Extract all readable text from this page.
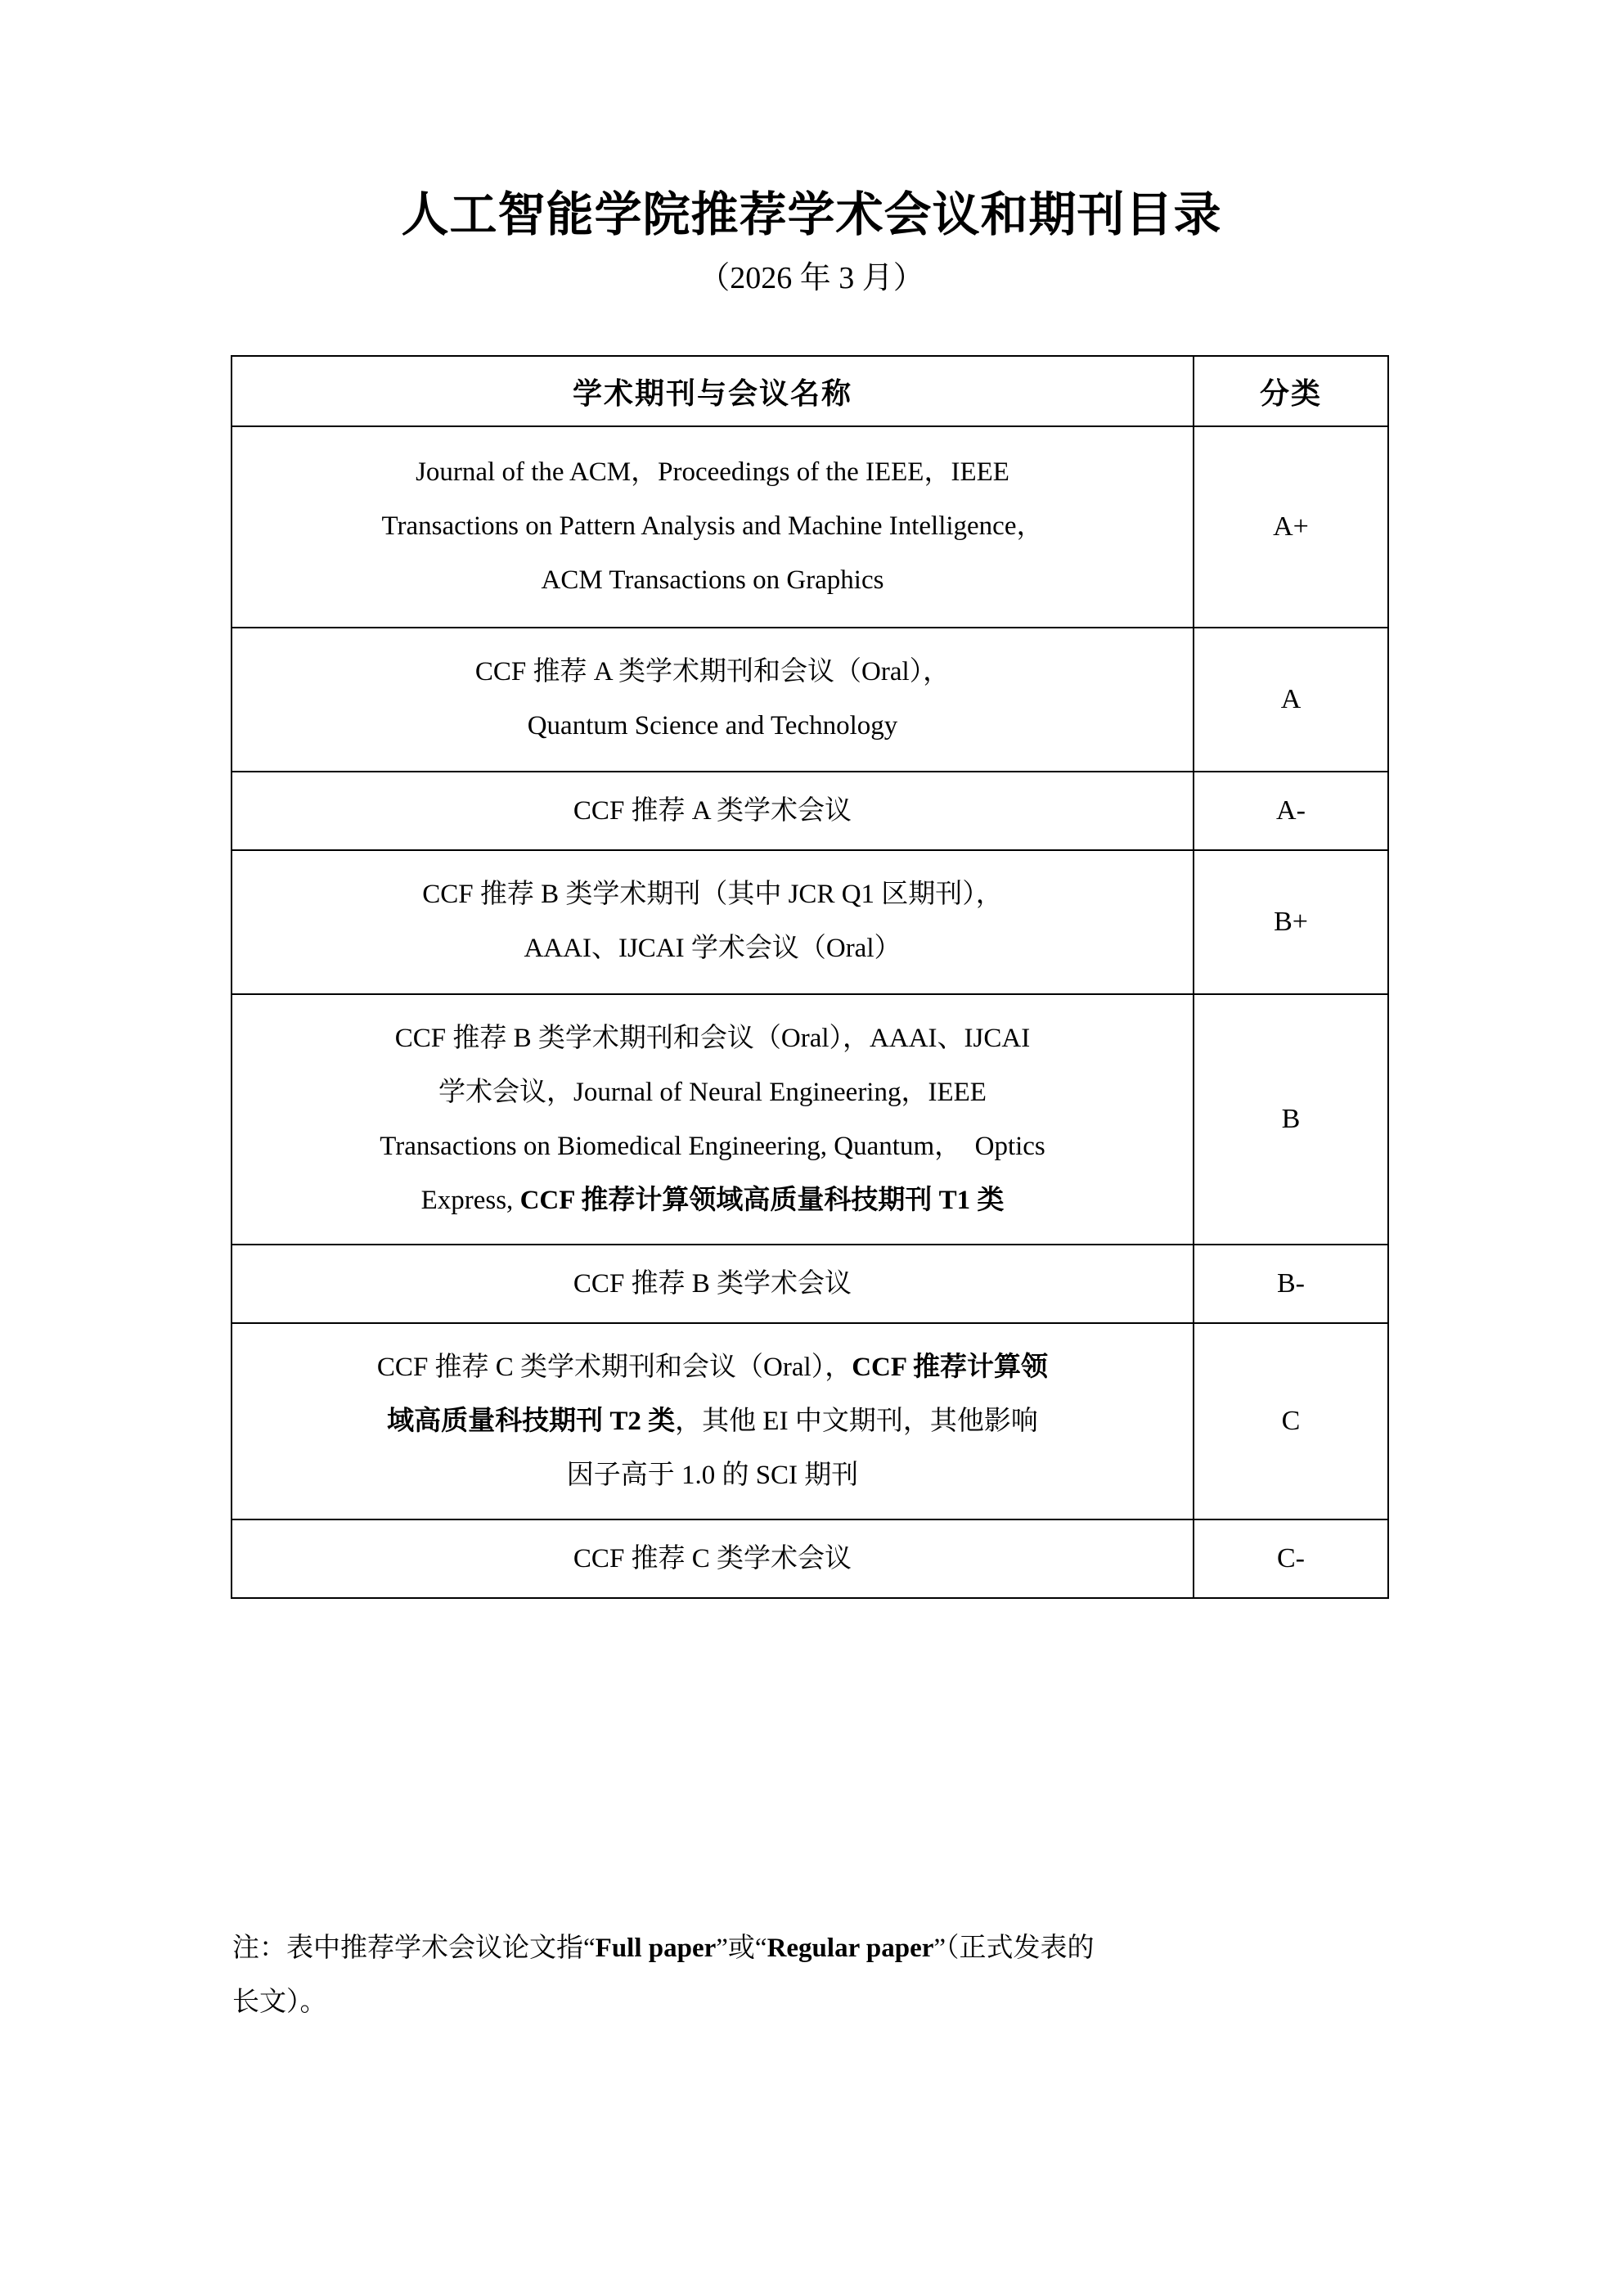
人工智能学院推荐学术会议和期刊目录
（2026 年 3 月）
学术期刊与会议名称	分类

Journal of the ACM，Proceedings of the IEEE，IEEE
Transactions on Pattern Analysis and Machine Intelligence，
ACM Transactions on Graphics	A+

CCF 推荐 A 类学术期刊和会议（Oral），
Quantum Science and Technology	A

CCF 推荐 A 类学术会议	A-

CCF 推荐 B 类学术期刊（其中 JCR Q1 区期刊），
AAAI、IJCAI 学术会议（Oral）	B+

CCF 推荐 B 类学术期刊和会议（Oral），AAAI、IJCAI
学术会议，Journal of Neural Engineering，IEEE
Transactions on Biomedical Engineering, Quantum，　Optics
Express, CCF 推荐计算领域高质量科技期刊 T1 类	B

CCF 推荐 B 类学术会议	B-

CCF 推荐 C 类学术期刊和会议（Oral），CCF 推荐计算领
域高质量科技期刊 T2 类，其他 EI 中文期刊，其他影响
因子高于 1.0 的 SCI 期刊	C

CCF 推荐 C 类学术会议	C-
注：表中推荐学术会议论文指“Full paper”或“Regular paper”（正式发表的
长文）。
